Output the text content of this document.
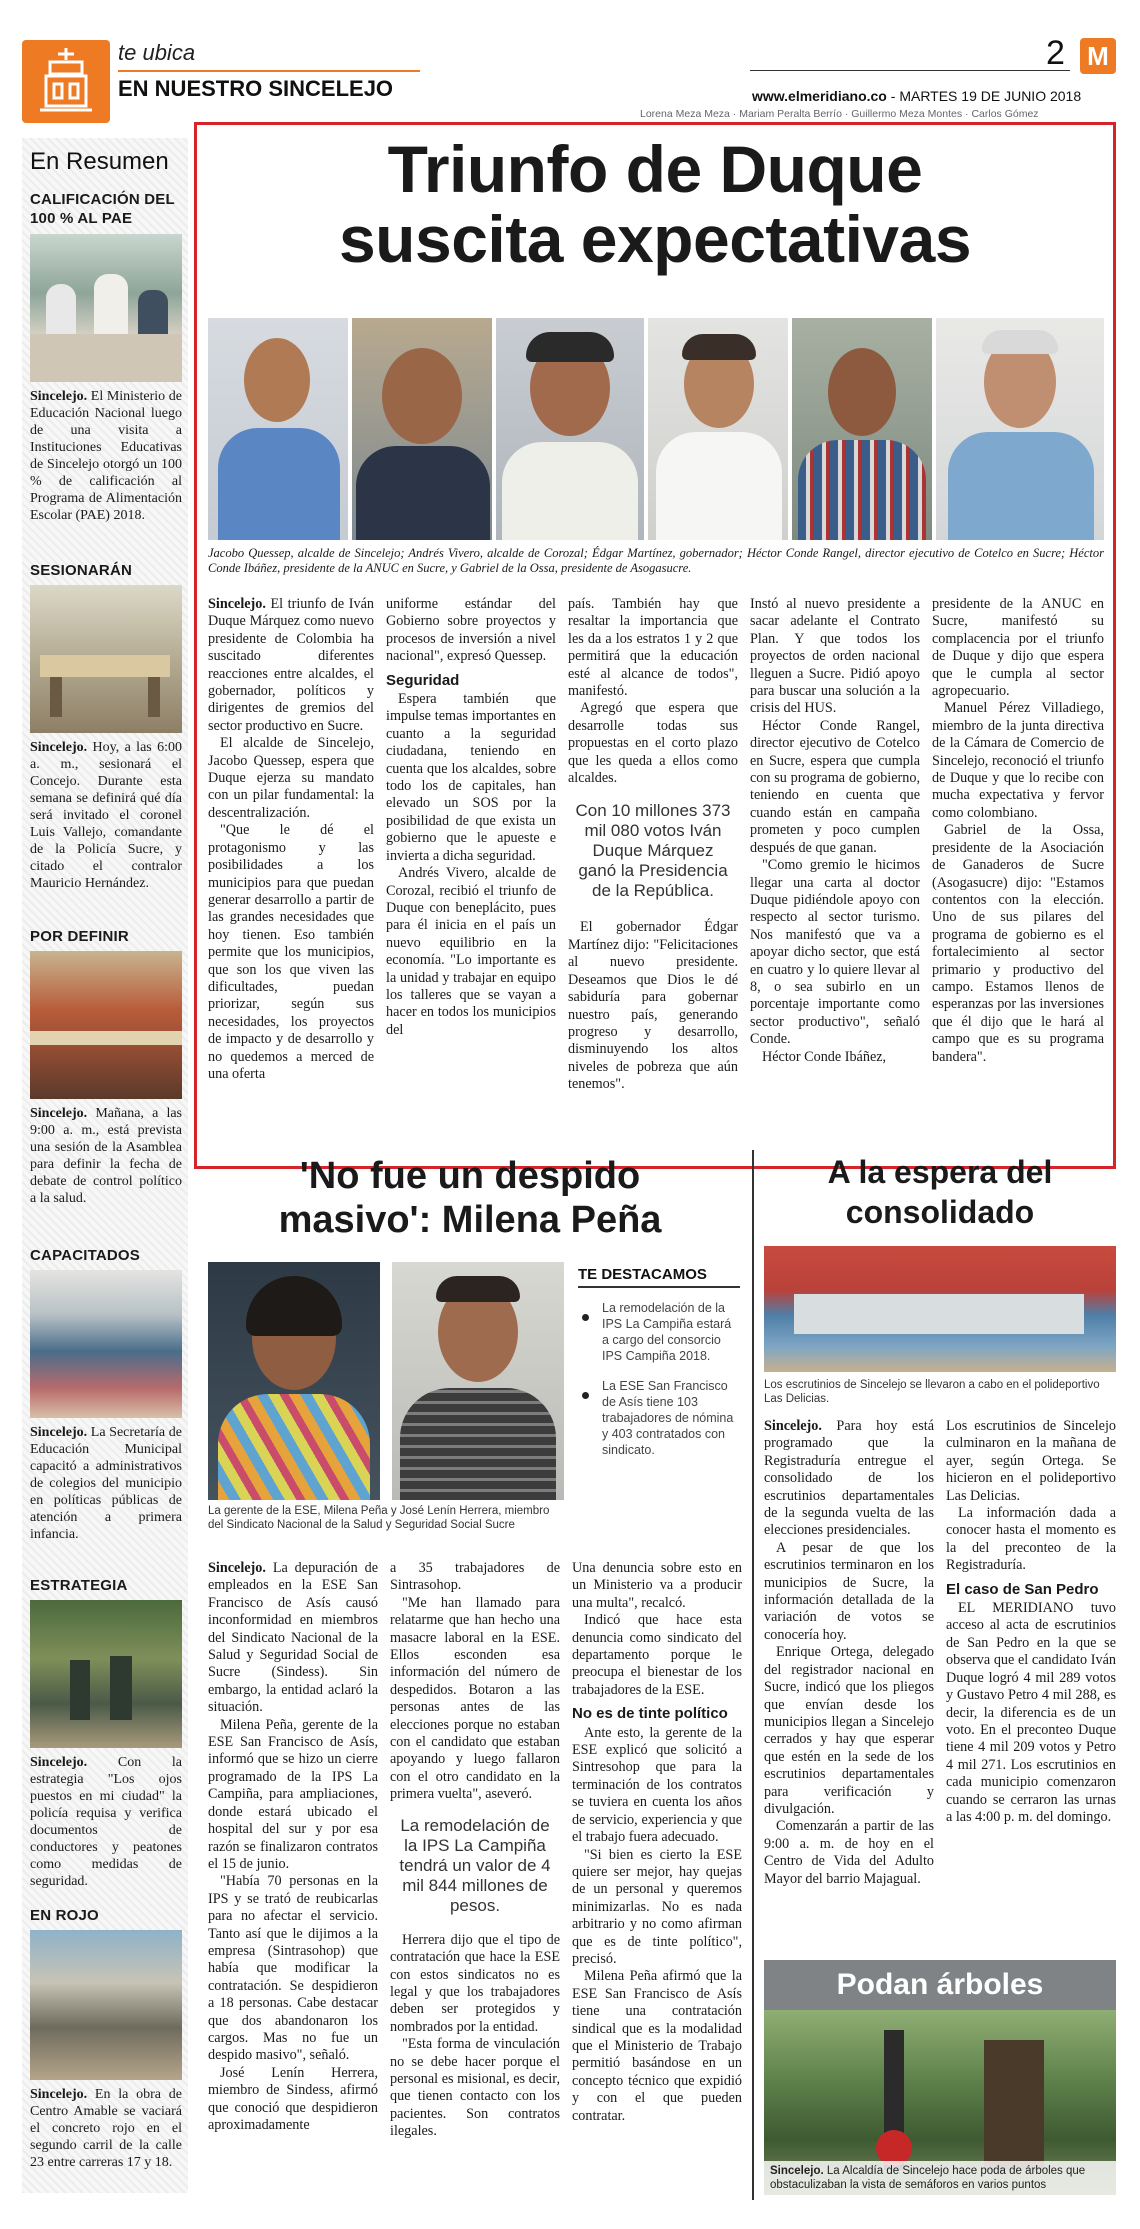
te ubica
EN NUESTRO SINCELEJO
2 M
www.elmeridiano.co - MARTES 19 DE JUNIO 2018
Lorena Meza Meza · Mariam Peralta Berrío · Guillermo Meza Montes · Carlos Gómez
En Resumen
CALIFICACIÓN DEL 100 % AL PAE
Sincelejo. El Ministerio de Educación Nacional luego de una visita a Instituciones Educativas de Sincelejo otorgó un 100 % de calificación al Programa de Alimentación Escolar (PAE) 2018.
SESIONARÁN
Sincelejo. Hoy, a las 6:00 a. m., sesionará el Concejo. Durante esta semana se definirá qué día será invitado el coronel Luis Vallejo, comandante de la Policía Sucre, y citado el contralor Mauricio Hernández.
POR DEFINIR
Sincelejo. Mañana, a las 9:00 a. m., está prevista una sesión de la Asamblea para definir la fecha de debate de control político a la salud.
CAPACITADOS
Sincelejo. La Secretaría de Educación Municipal capacitó a administrativos de colegios del municipio en políticas públicas de atención a primera infancia.
ESTRATEGIA
Sincelejo. Con la estrategia "Los ojos puestos en mi ciudad" la policía requisa y verifica documentos de conductores y peatones como medidas de seguridad.
EN ROJO
Sincelejo. En la obra de Centro Amable se vaciará el concreto rojo en el segundo carril de la calle 23 entre carreras 17 y 18.
Triunfo de Duque
suscita expectativas
Jacobo Quessep, alcalde de Sincelejo; Andrés Vivero, alcalde de Corozal; Édgar Martínez, gobernador; Héctor Conde Rangel, director ejecutivo de Cotelco en Sucre; Héctor Conde Ibáñez, presidente de la ANUC en Sucre, y Gabriel de la Ossa, presidente de Asogasucre.

Sincelejo. El triunfo de Iván Duque Márquez como nuevo presidente de Colombia ha suscitado diferentes reacciones entre alcaldes, el gobernador, políticos y dirigentes de gremios del sector productivo en Sucre.

El alcalde de Sincelejo, Jacobo Quessep, espera que Duque ejerza su mandato con un pilar fundamental: la descentralización.

"Que le dé el protagonismo y las posibilidades a los municipios para que puedan generar desarrollo a partir de las grandes necesidades que hoy tienen. Eso también permite que los municipios, que son los que viven las dificultades, puedan priorizar, según sus necesidades, los proyectos de impacto y de desarrollo y no quedemos a merced de una oferta

uniforme estándar del Gobierno sobre proyectos y procesos de inversión a nivel nacional", expresó Quessep.

Seguridad

Espera también que impulse temas importantes en cuanto a la seguridad ciudadana, teniendo en cuenta que los alcaldes, sobre todo los de capitales, han elevado un SOS por la posibilidad de que exista un gobierno que le apueste e invierta a dicha seguridad.

Andrés Vivero, alcalde de Corozal, recibió el triunfo de Duque con beneplácito, pues para él inicia en el país un nuevo equilibrio en la economía. "Lo importante es la unidad y trabajar en equipo los talleres que se vayan a hacer en todos los municipios del

país. También hay que resaltar la importancia que les da a los estratos 1 y 2 que permitirá que la educación esté al alcance de todos", manifestó.

Agregó que espera que desarrolle todas sus propuestas en el corto plazo que les queda a ellos como alcaldes.

Con 10 millones 373 mil 080 votos Iván Duque Márquez ganó la Presidencia de la República.

El gobernador Édgar Martínez dijo: "Felicitaciones al nuevo presidente. Deseamos que Dios le dé sabiduría para gobernar nuestro país, generando progreso y desarrollo, disminuyendo los altos niveles de pobreza que aún tenemos".

Instó al nuevo presidente a sacar adelante el Contrato Plan. Y que todos los proyectos de orden nacional lleguen a Sucre. Pidió apoyo para buscar una solución a la crisis del HUS.

Héctor Conde Rangel, director ejecutivo de Cotelco en Sucre, espera que cumpla con su programa de gobierno, teniendo en cuenta que cuando están en campaña prometen y poco cumplen después de que ganan.

"Como gremio le hicimos llegar una carta al doctor Duque pidiéndole apoyo con respecto al sector turismo. Nos manifestó que va a apoyar dicho sector, que está en cuatro y lo quiere llevar al 8, o sea subirlo en un porcentaje importante como sector productivo", señaló Conde.

Héctor Conde Ibáñez,

presidente de la ANUC en Sucre, manifestó su complacencia por el triunfo de Duque y dijo que espera que le cumpla al sector agropecuario.

Manuel Pérez Villadiego, miembro de la junta directiva de la Cámara de Comercio de Sincelejo, reconoció el triunfo de Duque y que lo recibe con mucha expectativa y fervor como colombiano.

Gabriel de la Ossa, presidente de la Asociación de Ganaderos de Sucre (Asogasucre) dijo: "Estamos contentos con la elección. Uno de sus pilares del programa de gobierno es el fortalecimiento al sector primario y productivo del campo. Estamos llenos de esperanzas por las inversiones que él dijo que le hará al campo que es su programa bandera".

'No fue un despido
masivo': Milena Peña
La gerente de la ESE, Milena Peña y José Lenín Herrera, miembro del Sindicato Nacional de la Salud y Seguridad Social Sucre
TE DESTACAMOS
La remodelación de la IPS La Campiña estará a cargo del consorcio IPS Campiña 2018.
La ESE San Francisco de Asís tiene 103 trabajadores de nómina y 403 contratados con sindicato.

Sincelejo. La depuración de empleados en la ESE San Francisco de Asís causó inconformidad en miembros del Sindicato Nacional de la Salud y Seguridad Social de Sucre (Sindess). Sin embargo, la entidad aclaró la situación.

Milena Peña, gerente de la ESE San Francisco de Asís, informó que se hizo un cierre programado de la IPS La Campiña, para ampliaciones, donde estará ubicado el hospital del sur y por esa razón se finalizaron contratos el 15 de junio.

"Había 70 personas en la IPS y se trató de reubicarlas para no afectar el servicio. Tanto así que le dijimos a la empresa (Sintrasohop) que había que modificar la contratación. Se despidieron a 18 personas. Cabe destacar que dos abandonaron los cargos. Mas no fue un despido masivo", señaló.

José Lenín Herrera, miembro de Sindess, afirmó que conoció que despidieron aproximadamente

a 35 trabajadores de Sintrasohop.

"Me han llamado para relatarme que han hecho una masacre laboral en la ESE. Ellos esconden esa información del número de despedidos. Botaron a las personas antes de las elecciones porque no estaban con el candidato que estaban apoyando y luego fallaron con el otro candidato en la primera vuelta", aseveró.

La remodelación de la IPS La Campiña tendrá un valor de 4 mil 844 millones de pesos.

Herrera dijo que el tipo de contratación que hace la ESE con estos sindicatos no es legal y que los trabajadores deben ser protegidos y nombrados por la entidad.

"Esta forma de vinculación no se debe hacer porque el personal es misional, es decir, que tienen contacto con los pacientes. Son contratos ilegales.

Una denuncia sobre esto en un Ministerio va a producir una multa", recalcó.

Indicó que hace esta denuncia como sindicato del departamento porque le preocupa el bienestar de los trabajadores de la ESE.

No es de tinte político

Ante esto, la gerente de la ESE explicó que solicitó a Sintresohop que para la terminación de los contratos se tuviera en cuenta los años de servicio, experiencia y que el trabajo fuera adecuado.

"Si bien es cierto la ESE quiere ser mejor, hay quejas de un personal y queremos minimizarlas. No es nada arbitrario y no como afirman que es de tinte político", precisó.

Milena Peña afirmó que la ESE San Francisco de Asís tiene una contratación sindical que es la modalidad que el Ministerio de Trabajo permitió basándose en un concepto técnico que expidió y con el que pueden contratar.

A la espera del
consolidado
Los escrutinios de Sincelejo se llevaron a cabo en el polideportivo Las Delicias.

Sincelejo. Para hoy está programado que la Registraduría entregue el consolidado de los escrutinios departamentales de la segunda vuelta de las elecciones presidenciales.

A pesar de que los escrutinios terminaron en los municipios de Sucre, la información detallada de la variación de votos se conocería hoy.

Enrique Ortega, delegado del registrador nacional en Sucre, indicó que los pliegos que envían desde los municipios llegan a Sincelejo cerrados y hay que esperar que estén en la sede de los escrutinios departamentales para verificación y divulgación.

Comenzarán a partir de las 9:00 a. m. de hoy en el Centro de Vida del Adulto Mayor del barrio Majagual.

Los escrutinios de Sincelejo culminaron en la mañana de ayer, según Ortega. Se hicieron en el polideportivo Las Delicias.

La información dada a conocer hasta el momento es la del preconteo de la Registraduría.

El caso de San Pedro

EL MERIDIANO tuvo acceso al acta de escrutinios de San Pedro en la que se observa que el candidato Iván Duque logró 4 mil 289 votos y Gustavo Petro 4 mil 288, es decir, la diferencia es de un voto. En el preconteo Duque tiene 4 mil 209 votos y Petro 4 mil 271. Los escrutinios en cada municipio comenzaron cuando se cerraron las urnas a las 4:00 p. m. del domingo.

Podan árboles
Sincelejo. La Alcaldía de Sincelejo hace poda de árboles que obstaculizaban la vista de semáforos en varios puntos
